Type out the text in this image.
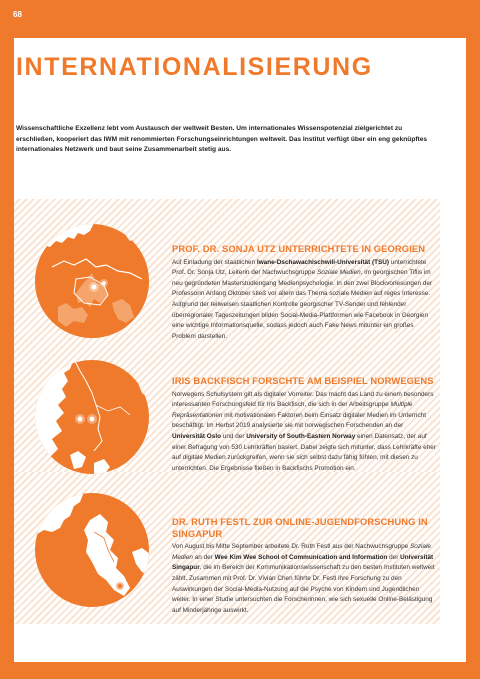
68
INTERNATIONALISIERUNG
Wissenschaftliche Exzellenz lebt vom Austausch der weltweit Besten. Um internationales Wissenspotenzial zielgerichtet zu erschließen, kooperiert das IWM mit renommierten Forschungseinrichtungen weltweit. Das Institut verfügt über ein eng geknüpftes internationales Netzwerk und baut seine Zusammenarbeit stetig aus.
PROF. DR. SONJA UTZ UNTERRICHTETE IN GEORGIEN
Auf Einladung der staatlichen Iwane-Dschawachischwili-Universität (TSU) unterrichtete Prof. Dr. Sonja Utz, Leiterin der Nachwuchsgruppe Soziale Medien, im georgischen Tiflis im neu gegründeten Masterstudiengang Medienpsychologie. In den zwei Blockvorlesungen der Professorin Anfang Oktober stieß vor allem das Thema soziale Medien auf reges Interesse. Aufgrund der teilweisen staatlichen Kontrolle georgischer TV-Sender und fehlender überregionaler Tageszeitungen bilden Social-Media-Plattformen wie Facebook in Georgien eine wichtige Informationsquelle, sodass jedoch auch Fake News mitunter ein großes Problem darstellen.
IRIS BACKFISCH FORSCHTE AM BEISPIEL NORWEGENS
Norwegens Schulsystem gilt als digitaler Vorreiter. Das macht das Land zu einem besonders interessanten Forschungsfeld für Iris Backfisch, die sich in der Arbeitsgruppe Multiple Repräsentationen mit motivationalen Faktoren beim Einsatz digitaler Medien im Unterricht beschäftigt. Im Herbst 2019 analysierte sie mit norwegischen Forschenden an der Universität Oslo und der University of South-Eastern Norway einen Datensatz, der auf einer Befragung von 530 Lehrkräften basiert. Dabei zeigte sich mitunter, dass Lehrkräfte eher auf digitale Medien zurückgreifen, wenn sie sich selbst dazu fähig fühlen, mit diesen zu unterrichten. Die Ergebnisse fließen in Backfischs Promotion ein.
DR. RUTH FESTL ZUR ONLINE-JUGENDFORSCHUNG IN SINGAPUR
Von August bis Mitte September arbeitete Dr. Ruth Festl aus der Nachwuchsgruppe Soziale Medien an der Wee Kim Wee School of Communication and Information der Universität Singapur, die im Bereich der Kommunikationswissenschaft zu den besten Instituten weltweit zählt. Zusammen mit Prof. Dr. Vivian Chen führte Dr. Festl ihre Forschung zu den Auswirkungen der Social-Media-Nutzung auf die Psyche von Kindern und Jugendlichen weiter. In einer Studie untersuchten die Forscherinnen, wie sich sexuelle Online-Belästigung auf Minderjährige auswirkt.
